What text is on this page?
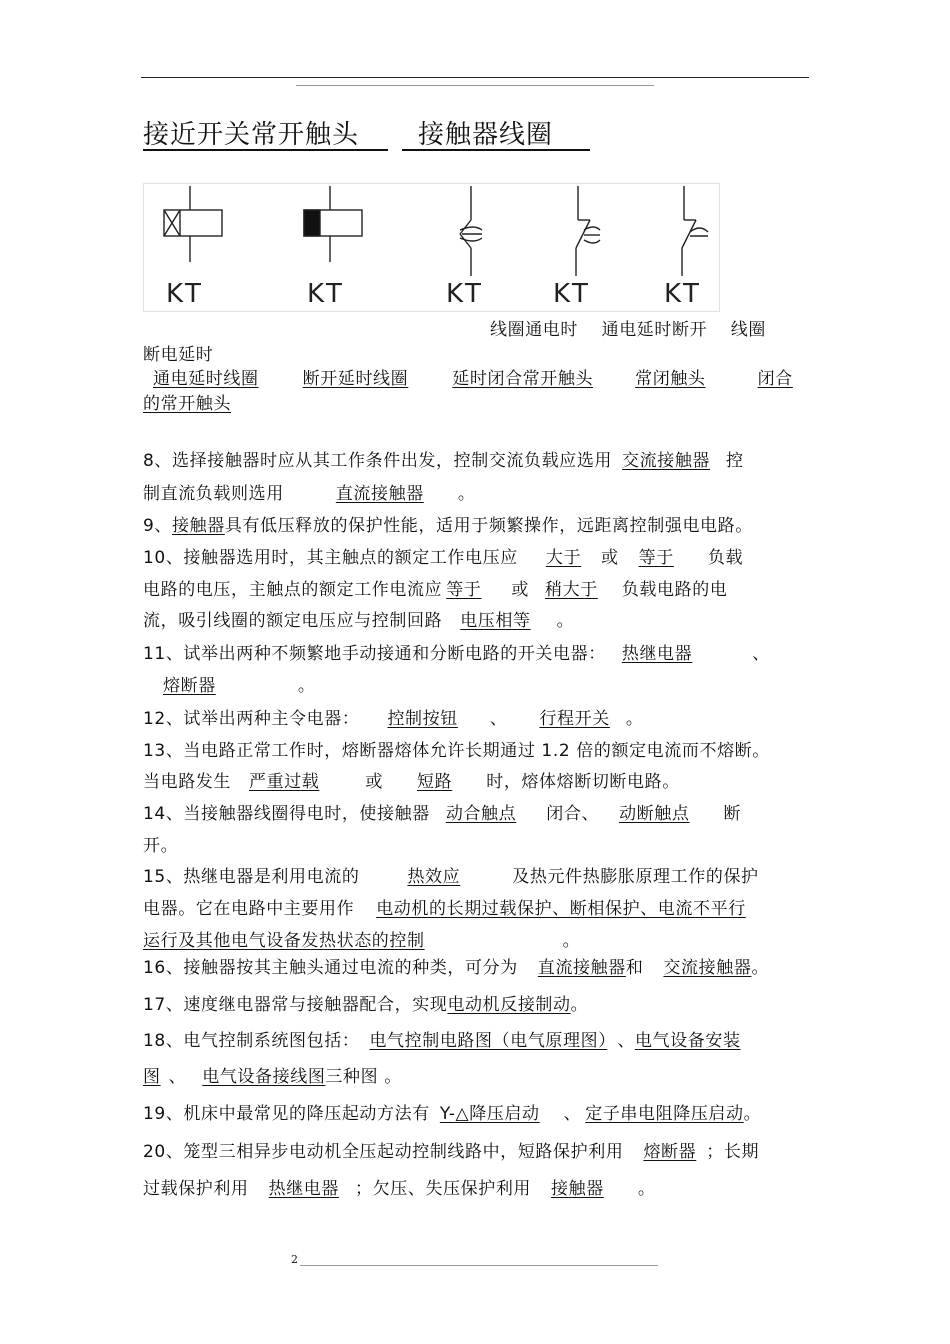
接近开关常开触头 接触器线圈
KT	KT	KT	KT	KT
线圈通电时　 通电延时断开　 线圈
断电延时
通电延时线圈	断开延时线圈	延时闭合常开触头 常闭触头	闭合
的常开触头
8、选择接触器时应从其工作条件出发，控制交流负载应选用 交流接触器 控
制直流负载则选用	直流接触器 。
9、接触器具有低压释放的保护性能，适用于频繁操作，远距离控制强电电路。
10、接触器选用时，其主触点的额定工作电压应 大于 或 等于 负载
电路的电压，主触点的额定工作电流应 等于 或 稍大于 负载电路的电
流，吸引线圈的额定电压应与控制回路 电压相等 。
11、试举出两种不频繁地手动接通和分断电路的开关电器： 热继电器	、
熔断器	。
12、试举出两种主令电器： 控制按钮 、 行程开关 。
13、当电路正常工作时，熔断器熔体允许长期通过 1.2 倍的额定电流而不熔断。
当电路发生 严重过载	或 短路 时，熔体熔断切断电路。
14、当接触器线圈得电时，使接触器 动合触点 闭合、 动断触点 断
开。
15、热继电器是利用电流的	热效应	及热元件热膨胀原理工作的保护
电器。它在电路中主要用作 电动机的长期过载保护、断相保护、电流不平行
运行及其他电气设备发热状态的控制	。
16、接触器按其主触头通过电流的种类，可分为 直流接触器和 交流接触器。
17、速度继电器常与接触器配合，实现电动机反接制动。
18、电气控制系统图包括： 电气控制电路图（电气原理图） 、电气设备安装
图 、 电气设备接线图三种图 。
19、机床中最常见的降压起动方法有 Y-△降压启动 、 定子串电阻降压启动。
20、笼型三相异步电动机全压起动控制线路中，短路保护利用 熔断器 ；长期
过载保护利用 热继电器 ；欠压、失压保护利用 接触器 。
2
